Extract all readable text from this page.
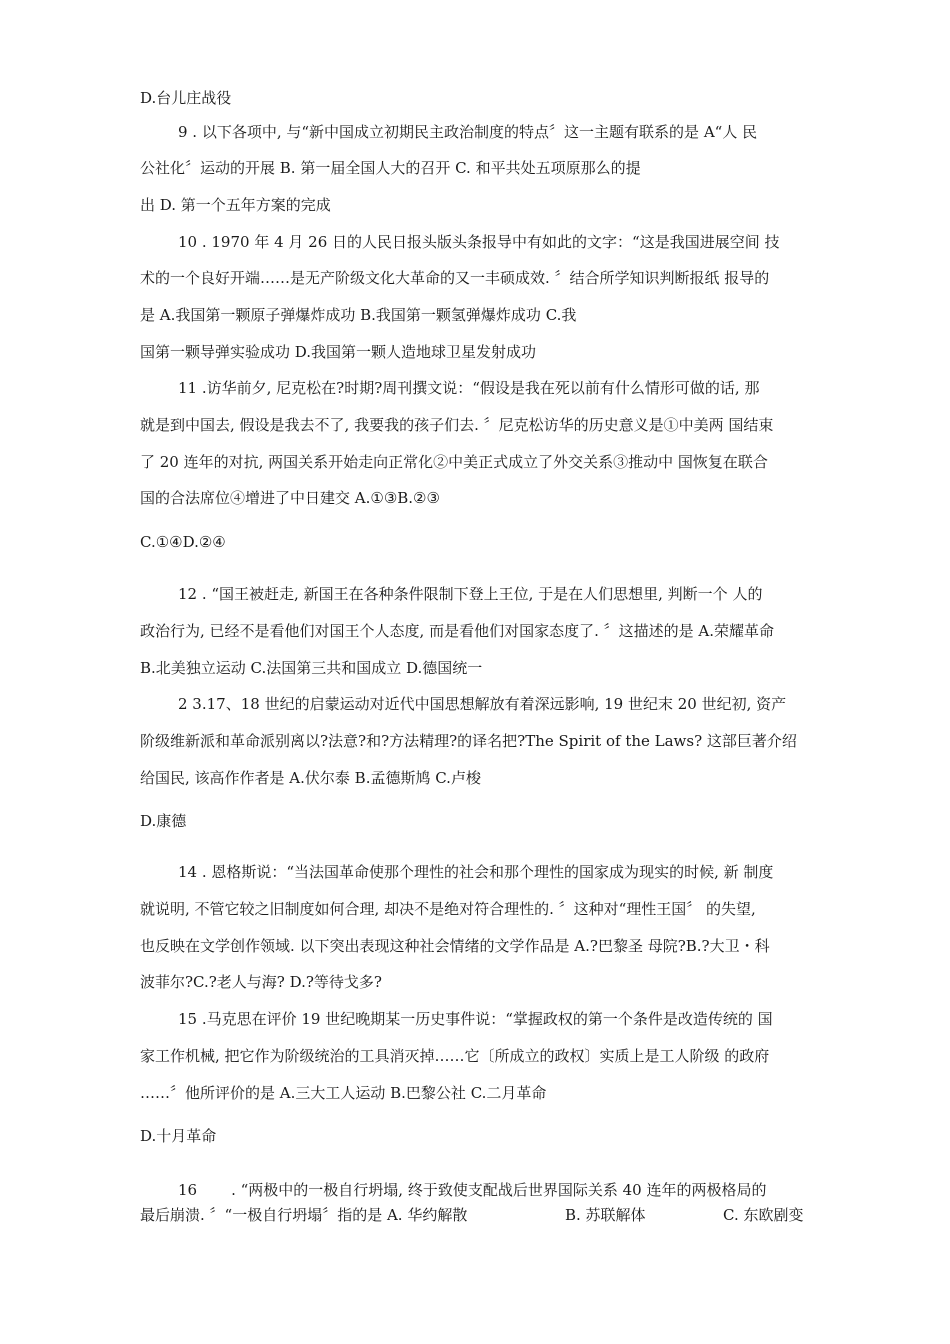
D.台儿庄战役
9 . 以下各项中, 与“新中国成立初期民主政治制度的特点〞这一主题有联系的是 A“人 民
公社化〞运动的开展 B. 第一届全国人大的召开 C. 和平共处五项原那么的提
出 D. 第一个五年方案的完成
10 . 1970 年 4 月 26 日的人民日报头版头条报导中有如此的文字：“这是我国进展空间 技
术的一个良好开端……是无产阶级文化大革命的又一丰硕成效. 〞结合所学知识判断报纸 报导的
是 A.我国第一颗原子弹爆炸成功 B.我国第一颗氢弹爆炸成功 C.我
国第一颗导弹实验成功 D.我国第一颗人造地球卫星发射成功
11 .访华前夕, 尼克松在?时期?周刊撰文说：“假设是我在死以前有什么情形可做的话, 那
就是到中国去, 假设是我去不了, 我要我的孩子们去. 〞尼克松访华的历史意义是①中美两 国结束
了 20 连年的对抗, 两国关系开始走向正常化②中美正式成立了外交关系③推动中 国恢复在联合
国的合法席位④增进了中日建交 A.①③B.②③
C.①④D.②④
12 . “国王被赶走, 新国王在各种条件限制下登上王位, 于是在人们思想里, 判断一个 人的
政治行为, 已经不是看他们对国王个人态度, 而是看他们对国家态度了. 〞这描述的是 A.荣耀革命
B.北美独立运动 C.法国第三共和国成立 D.德国统一
2 3.17、18 世纪的启蒙运动对近代中国思想解放有着深远影响, 19 世纪末 20 世纪初, 资产
阶级维新派和革命派别离以?法意?和?方法精理?的译名把?The Spirit of the Laws? 这部巨著介绍
给国民, 该高作作者是 A.伏尔泰 B.孟德斯鸠 C.卢梭
D.康德
14 . 恩格斯说：“当法国革命使那个理性的社会和那个理性的国家成为现实的时候, 新 制度
就说明, 不管它较之旧制度如何合理, 却决不是绝对符合理性的. 〞这种对“理性王国〞 的失望,
也反映在文学创作领域. 以下突出表现这种社会情绪的文学作品是 A.?巴黎圣 母院?B.?大卫・科
波菲尔?C.?老人与海? D.?等待戈多?
15 .马克思在评价 19 世纪晚期某一历史事件说：“掌握政权的第一个条件是改造传统的 国
家工作机械, 把它作为阶级统治的工具消灭掉……它〔所成立的政权〕实质上是工人阶级 的政府
……〞他所评价的是 A.三大工人运动 B.巴黎公社 C.二月革命
D.十月革命
16 . “两极中的一极自行坍塌, 终于致使支配战后世界国际关系 40 连年的两极格局的
最后崩溃. 〞“一极自行坍塌〞指的是 A. 华约解散	B. 苏联解体	C. 东欧剧变
